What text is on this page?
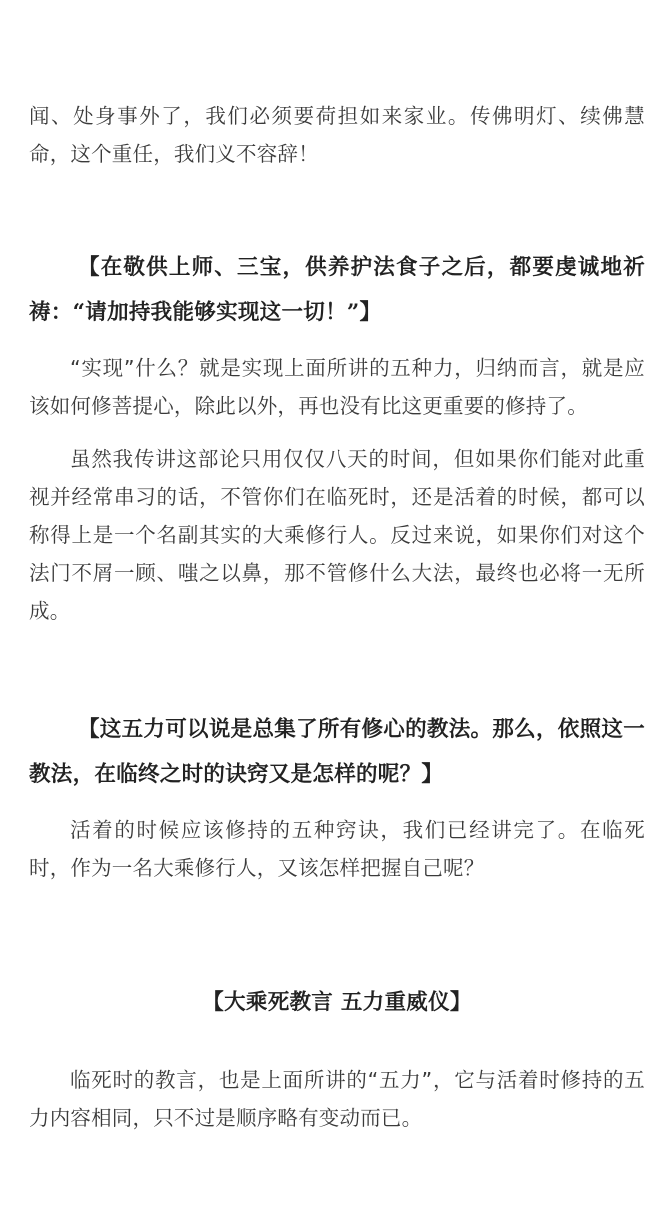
闻、处身事外了，我们必须要荷担如来家业。传佛明灯、续佛慧命，这个重任，我们义不容辞！

【在敬供上师、三宝，供养护法食子之后，都要虔诚地祈祷：“请加持我能够实现这一切！”】

“实现”什么？就是实现上面所讲的五种力，归纳而言，就是应该如何修菩提心，除此以外，再也没有比这更重要的修持了。

虽然我传讲这部论只用仅仅八天的时间，但如果你们能对此重视并经常串习的话，不管你们在临死时，还是活着的时候，都可以称得上是一个名副其实的大乘修行人。反过来说，如果你们对这个法门不屑一顾、嗤之以鼻，那不管修什么大法，最终也必将一无所成。

【这五力可以说是总集了所有修心的教法。那么，依照这一教法，在临终之时的诀窍又是怎样的呢？】

活着的时候应该修持的五种窍诀，我们已经讲完了。在临死时，作为一名大乘修行人，又该怎样把握自己呢？

【大乘死教言 五力重威仪】

临死时的教言，也是上面所讲的“五力”，它与活着时修持的五力内容相同，只不过是顺序略有变动而已。
